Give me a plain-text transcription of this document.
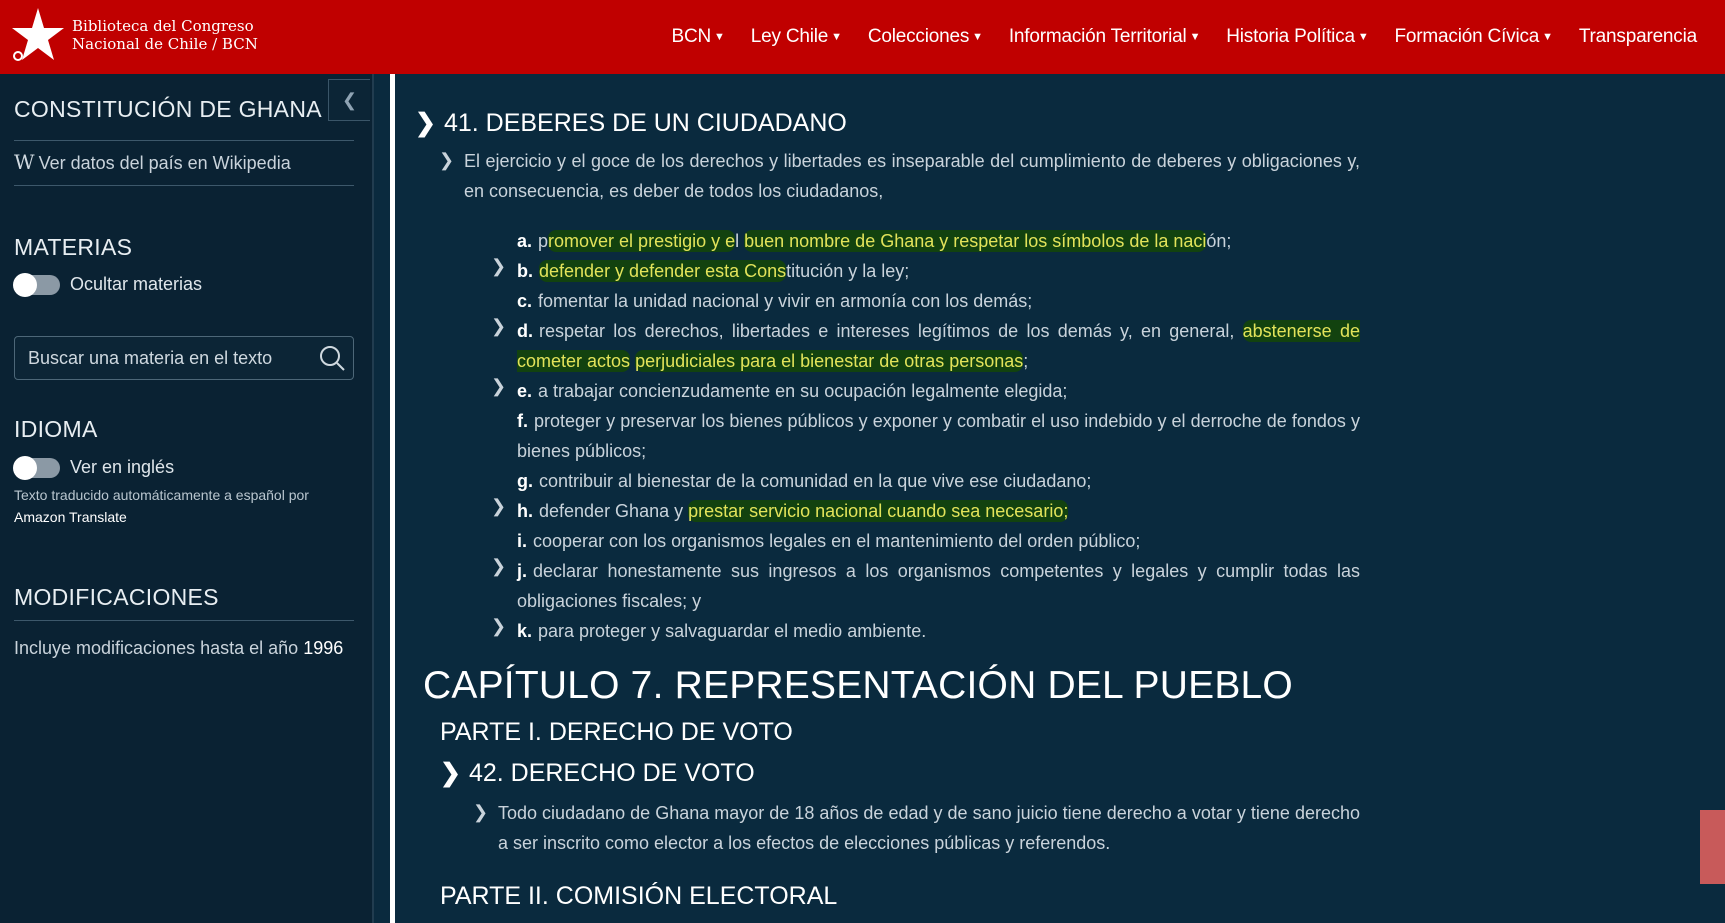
Biblioteca del Congreso
Nacional de Chile / BCN	BCN ▼ Ley Chile ▼ Colecciones ▼ Información Territorial ▼ Historia Política ▼ Formación Cívica ▼ Transparencia
❮
CONSTITUCIÓN DE GHANA
W Ver datos del país en Wikipedia
MATERIAS
Ocultar materias
Buscar una materia en el texto
IDIOMA
Ver en inglés
Texto traducido automáticamente a español por
Amazon Translate
MODIFICACIONES
Incluye modificaciones hasta el año 1996
❯ 41. DEBERES DE UN CIUDADANO
❯ El ejercicio y el goce de los derechos y libertades es inseparable del cumplimiento de deberes y obligaciones y, en consecuencia, es deber de todos los ciudadanos,
a. promover el prestigio y el buen nombre de Ghana y respetar los símbolos de la nación;
❯ b. defender y defender esta Constitución y la ley;
c. fomentar la unidad nacional y vivir en armonía con los demás;
❯ d. respetar los derechos, libertades e intereses legítimos de los demás y, en general, abstenerse de cometer actos perjudiciales para el bienestar de otras personas;
❯ e. a trabajar concienzudamente en su ocupación legalmente elegida;
f. proteger y preservar los bienes públicos y exponer y combatir el uso indebido y el derroche de fondos y bienes públicos;
g. contribuir al bienestar de la comunidad en la que vive ese ciudadano;
❯ h. defender Ghana y prestar servicio nacional cuando sea necesario;
i. cooperar con los organismos legales en el mantenimiento del orden público;
❯ j. declarar honestamente sus ingresos a los organismos competentes y legales y cumplir todas las obligaciones fiscales; y
❯ k. para proteger y salvaguardar el medio ambiente.
CAPÍTULO 7. REPRESENTACIÓN DEL PUEBLO
PARTE I. DERECHO DE VOTO
❯ 42. DERECHO DE VOTO
❯ Todo ciudadano de Ghana mayor de 18 años de edad y de sano juicio tiene derecho a votar y tiene derecho a ser inscrito como elector a los efectos de elecciones públicas y referendos.
PARTE II. COMISIÓN ELECTORAL
